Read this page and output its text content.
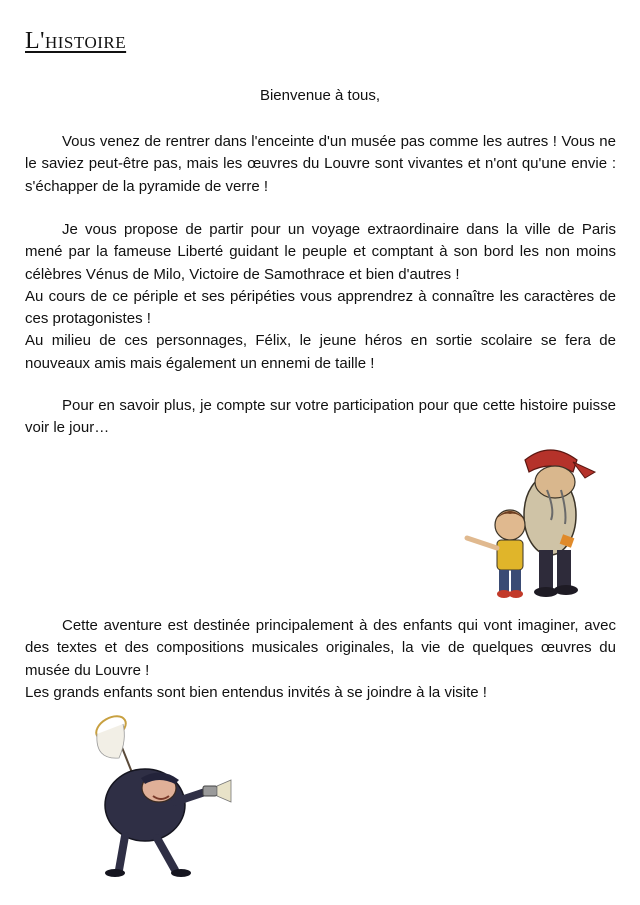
L'histoire
Bienvenue à tous,

Vous venez de rentrer dans l'enceinte d'un musée pas comme les autres ! Vous ne le saviez peut-être pas, mais les œuvres du Louvre sont vivantes et n'ont qu'une envie : s'échapper de la pyramide de verre !

Je vous propose de partir pour un voyage extraordinaire dans la ville de Paris mené par la fameuse Liberté guidant le peuple et comptant à son bord les non moins célèbres Vénus de Milo, Victoire de Samothrace et bien d'autres !
Au cours de ce périple et ses péripéties vous apprendrez à connaître les caractères de ces protagonistes !
Au milieu de ces personnages, Félix, le jeune héros en sortie scolaire se fera de nouveaux amis mais également un ennemi de taille !

Pour en savoir plus, je compte sur votre participation pour que cette histoire puisse voir le jour…

Cette aventure est destinée principalement à des enfants qui vont imaginer, avec des textes et des compositions musicales originales, la vie de quelques œuvres du musée du Louvre !
Les grands enfants sont bien entendus invités à se joindre à la visite !
